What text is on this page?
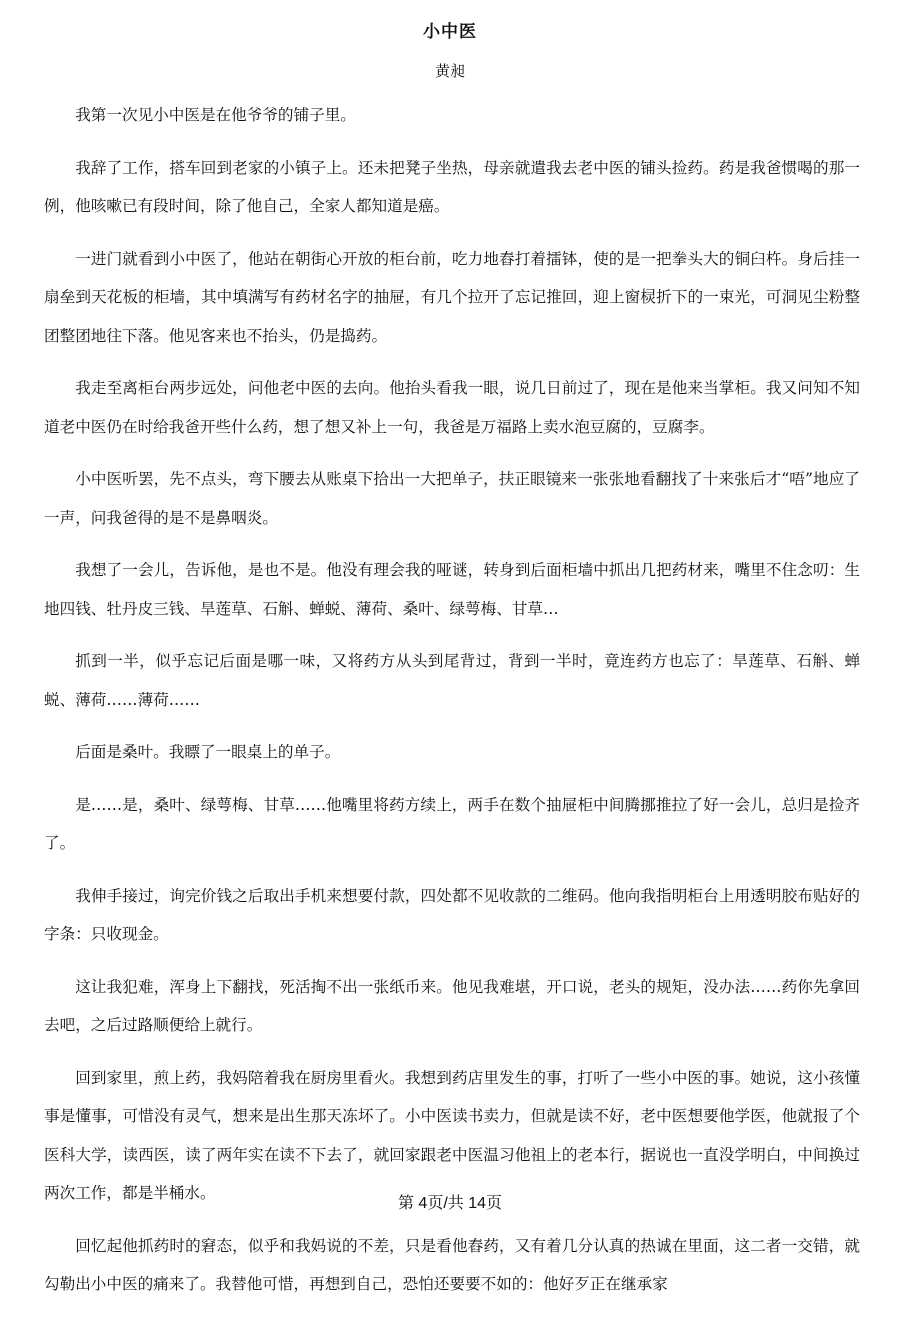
小中医
黄昶

我第一次见小中医是在他爷爷的铺子里。

我辞了工作，搭车回到老家的小镇子上。还未把凳子坐热，母亲就遣我去老中医的铺头捡药。药是我爸惯喝的那一例，他咳嗽已有段时间，除了他自己，全家人都知道是癌。

一进门就看到小中医了，他站在朝街心开放的柜台前，吃力地舂打着擂钵，使的是一把拳头大的铜臼杵。身后挂一扇垒到天花板的柜墙，其中填满写有药材名字的抽屉，有几个拉开了忘记推回，迎上窗棂折下的一束光，可洞见尘粉整团整团地往下落。他见客来也不抬头，仍是捣药。

我走至离柜台两步远处，问他老中医的去向。他抬头看我一眼，说几日前过了，现在是他来当掌柜。我又问知不知道老中医仍在时给我爸开些什么药，想了想又补上一句，我爸是万福路上卖水泡豆腐的，豆腐李。

小中医听罢，先不点头，弯下腰去从账桌下拾出一大把单子，扶正眼镜来一张张地看翻找了十来张后才“唔”地应了一声，问我爸得的是不是鼻咽炎。

我想了一会儿，告诉他，是也不是。他没有理会我的哑谜，转身到后面柜墙中抓出几把药材来，嘴里不住念叨：生地四钱、牡丹皮三钱、旱莲草、石斛、蝉蜕、薄荷、桑叶、绿萼梅、甘草…

抓到一半，似乎忘记后面是哪一味，又将药方从头到尾背过，背到一半时，竟连药方也忘了：旱莲草、石斛、蝉蜕、薄荷……薄荷……

后面是桑叶。我瞟了一眼桌上的单子。

是……是，桑叶、绿萼梅、甘草……他嘴里将药方续上，两手在数个抽屉柜中间腾挪推拉了好一会儿，总归是捡齐了。

我伸手接过，询完价钱之后取出手机来想要付款，四处都不见收款的二维码。他向我指明柜台上用透明胶布贴好的字条：只收现金。

这让我犯难，浑身上下翻找，死活掏不出一张纸币来。他见我难堪，开口说，老头的规矩，没办法……药你先拿回去吧，之后过路顺便给上就行。

回到家里，煎上药，我妈陪着我在厨房里看火。我想到药店里发生的事，打听了一些小中医的事。她说，这小孩懂事是懂事，可惜没有灵气，想来是出生那天冻坏了。小中医读书卖力，但就是读不好，老中医想要他学医，他就报了个医科大学，读西医，读了两年实在读不下去了，就回家跟老中医温习他祖上的老本行，据说也一直没学明白，中间换过两次工作，都是半桶水。

回忆起他抓药时的窘态，似乎和我妈说的不差，只是看他舂药，又有着几分认真的热诚在里面，这二者一交错，就勾勒出小中医的痛来了。我替他可惜，再想到自己，恐怕还要要不如的：他好歹正在继承家

第 4页/共 14页
